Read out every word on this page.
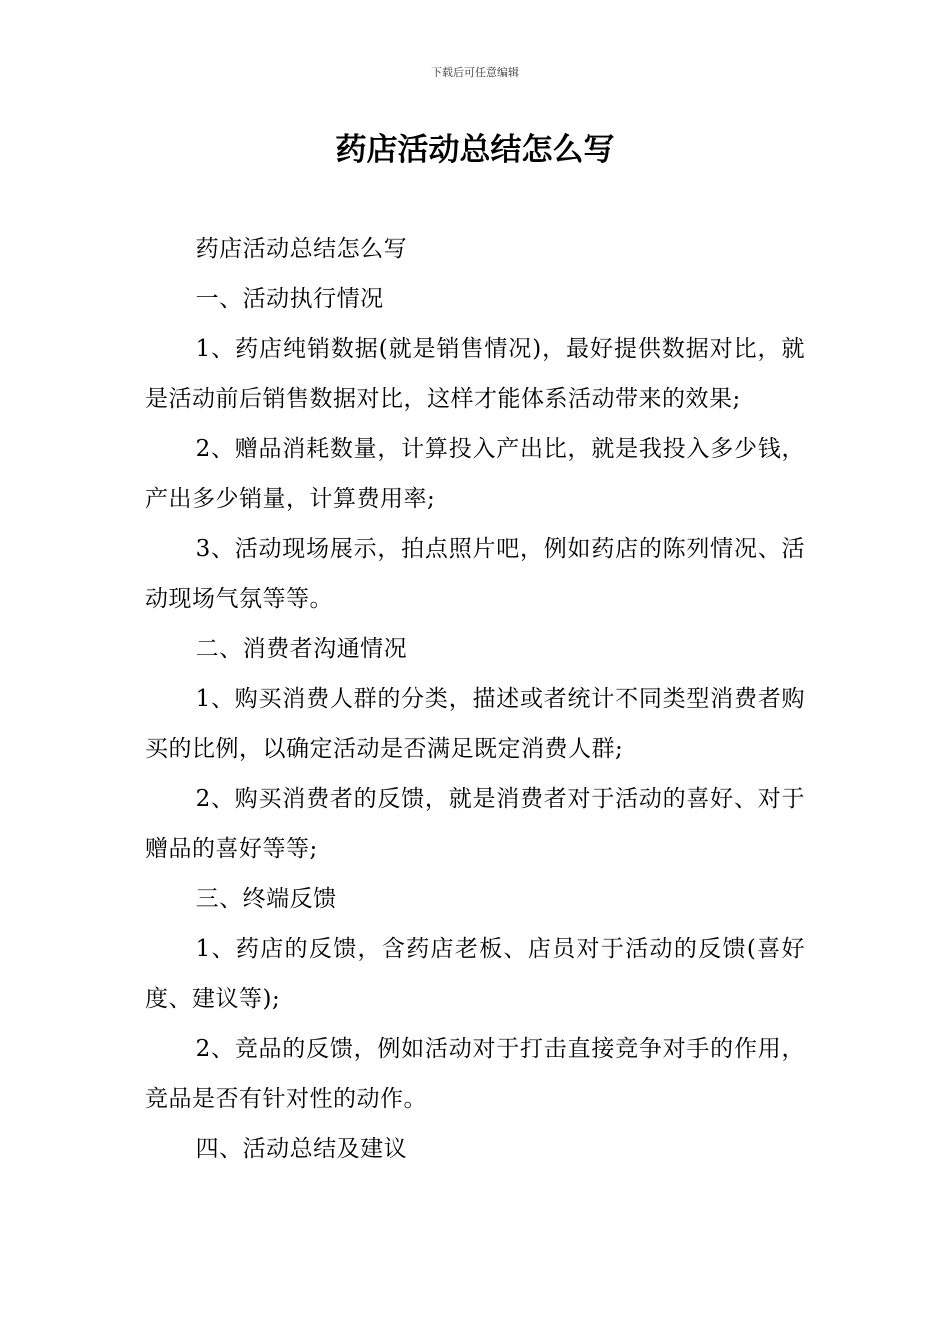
下载后可任意编辑
药店活动总结怎么写

药店活动总结怎么写

一、活动执行情况

1、药店纯销数据(就是销售情况)，最好提供数据对比，就是活动前后销售数据对比，这样才能体系活动带来的效果;

2、赠品消耗数量，计算投入产出比，就是我投入多少钱，产出多少销量，计算费用率;

3、活动现场展示，拍点照片吧，例如药店的陈列情况、活动现场气氛等等。

二、消费者沟通情况

1、购买消费人群的分类，描述或者统计不同类型消费者购买的比例，以确定活动是否满足既定消费人群;

2、购买消费者的反馈，就是消费者对于活动的喜好、对于赠品的喜好等等;

三、终端反馈

1、药店的反馈，含药店老板、店员对于活动的反馈(喜好度、建议等);

2、竞品的反馈，例如活动对于打击直接竞争对手的作用，竞品是否有针对性的动作。

四、活动总结及建议
